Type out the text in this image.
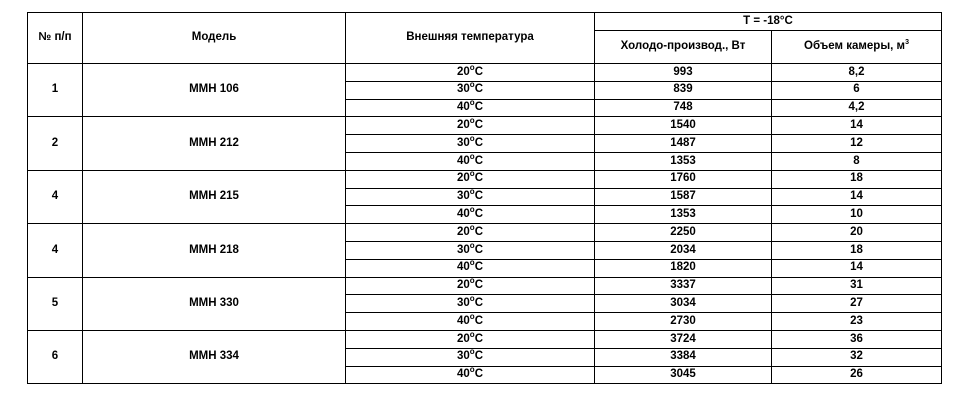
№ п/п	Модель	Внешняя температура	Т = -18°С	
			Холодо-производ., Вт	Объем камеры, $м^3$
1	ММН 106	20$^o$C	993	8,2
		30$^o$C	839	6
		40$^o$C	748	4,2
2	ММН 212	20$^o$C	1540	14
		30$^o$C	1487	12
		40$^o$C	1353	8
4	ММН 215	20$^o$C	1760	18
		30$^o$C	1587	14
		40$^o$C	1353	10
4	ММН 218	20$^o$C	2250	20
		30$^o$C	2034	18
		40$^o$C	1820	14
5	ММН 330	20$^o$C	3337	31
		30$^o$C	3034	27
		40$^o$C	2730	23
6	ММН 334	20$^o$C	3724	36
		30$^o$C	3384	32
		40$^o$C	3045	26
